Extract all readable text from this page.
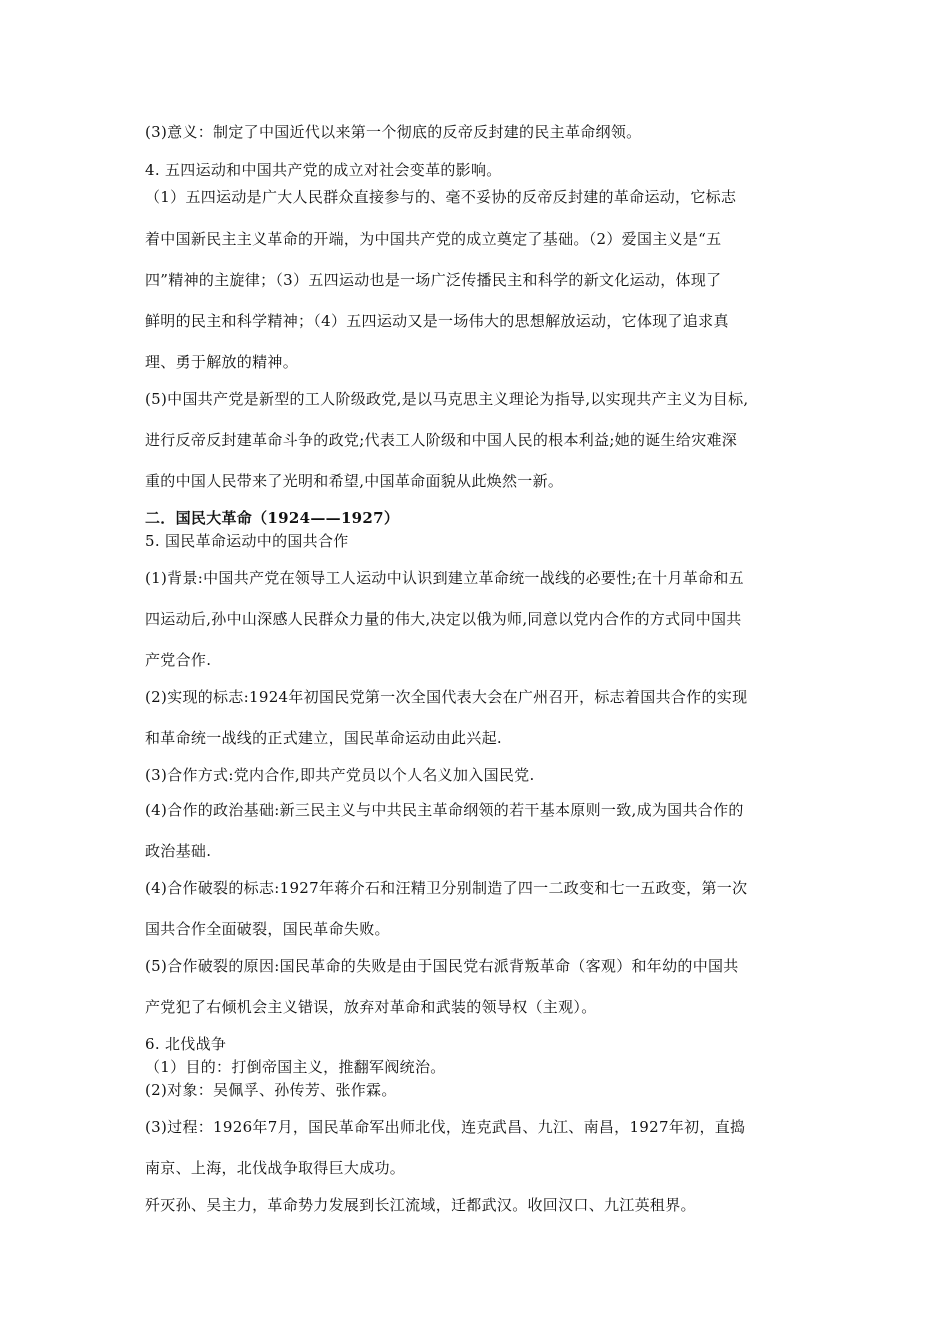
(3)意义：制定了中国近代以来第一个彻底的反帝反封建的民主革命纲领。

4. 五四运动和中国共产党的成立对社会变革的影响。

（1）五四运动是广大人民群众直接参与的、毫不妥协的反帝反封建的革命运动，它标志

着中国新民主主义革命的开端，为中国共产党的成立奠定了基础。（2）爱国主义是“五

四”精神的主旋律；（3）五四运动也是一场广泛传播民主和科学的新文化运动，体现了

鲜明的民主和科学精神；（4）五四运动又是一场伟大的思想解放运动，它体现了追求真

理、勇于解放的精神。

(5)中国共产党是新型的工人阶级政党,是以马克思主义理论为指导,以实现共产主义为目标,

进行反帝反封建革命斗争的政党;代表工人阶级和中国人民的根本利益;她的诞生给灾难深

重的中国人民带来了光明和希望,中国革命面貌从此焕然一新。

二．国民大革命（1924——1927）

5. 国民革命运动中的国共合作

(1)背景:中国共产党在领导工人运动中认识到建立革命统一战线的必要性;在十月革命和五

四运动后,孙中山深感人民群众力量的伟大,决定以俄为师,同意以党内合作的方式同中国共

产党合作.

(2)实现的标志:1924年初国民党第一次全国代表大会在广州召开，标志着国共合作的实现

和革命统一战线的正式建立，国民革命运动由此兴起.

(3)合作方式:党内合作,即共产党员以个人名义加入国民党.

(4)合作的政治基础:新三民主义与中共民主革命纲领的若干基本原则一致,成为国共合作的

政治基础.

(4)合作破裂的标志:1927年蒋介石和汪精卫分别制造了四一二政变和七一五政变，第一次

国共合作全面破裂，国民革命失败。

(5)合作破裂的原因:国民革命的失败是由于国民党右派背叛革命（客观）和年幼的中国共

产党犯了右倾机会主义错误，放弃对革命和武装的领导权（主观）。

6. 北伐战争

（1）目的：打倒帝国主义，推翻军阀统治。

(2)对象：吴佩孚、孙传芳、张作霖。

(3)过程：1926年7月，国民革命军出师北伐，连克武昌、九江、南昌，1927年初，直捣

南京、上海，北伐战争取得巨大成功。

歼灭孙、吴主力，革命势力发展到长江流域，迁都武汉。收回汉口、九江英租界。
